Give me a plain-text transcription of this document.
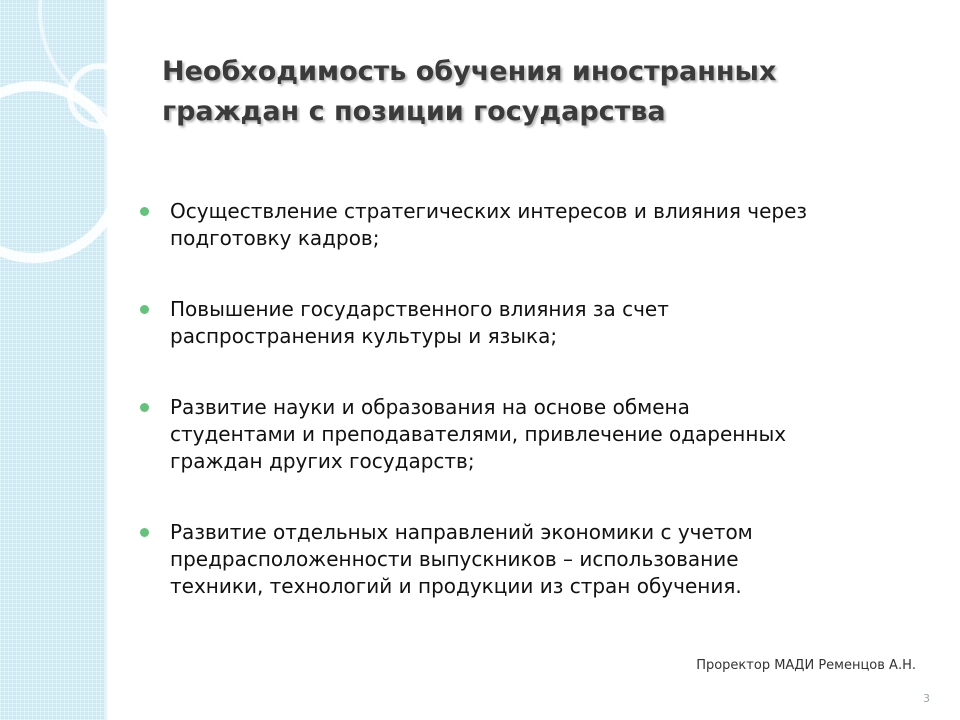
Необходимость обучения иностранных
граждан с позиции государства
Осуществление стратегических интересов и влияния через
подготовку кадров;
Повышение государственного влияния за счет
распространения культуры и языка;
Развитие науки и образования на основе обмена
студентами и преподавателями, привлечение одаренных
граждан других государств;
Развитие отдельных направлений экономики с учетом
предрасположенности выпускников – использование
техники, технологий и продукции из стран обучения.
Проректор МАДИ Ременцов А.Н.
3
